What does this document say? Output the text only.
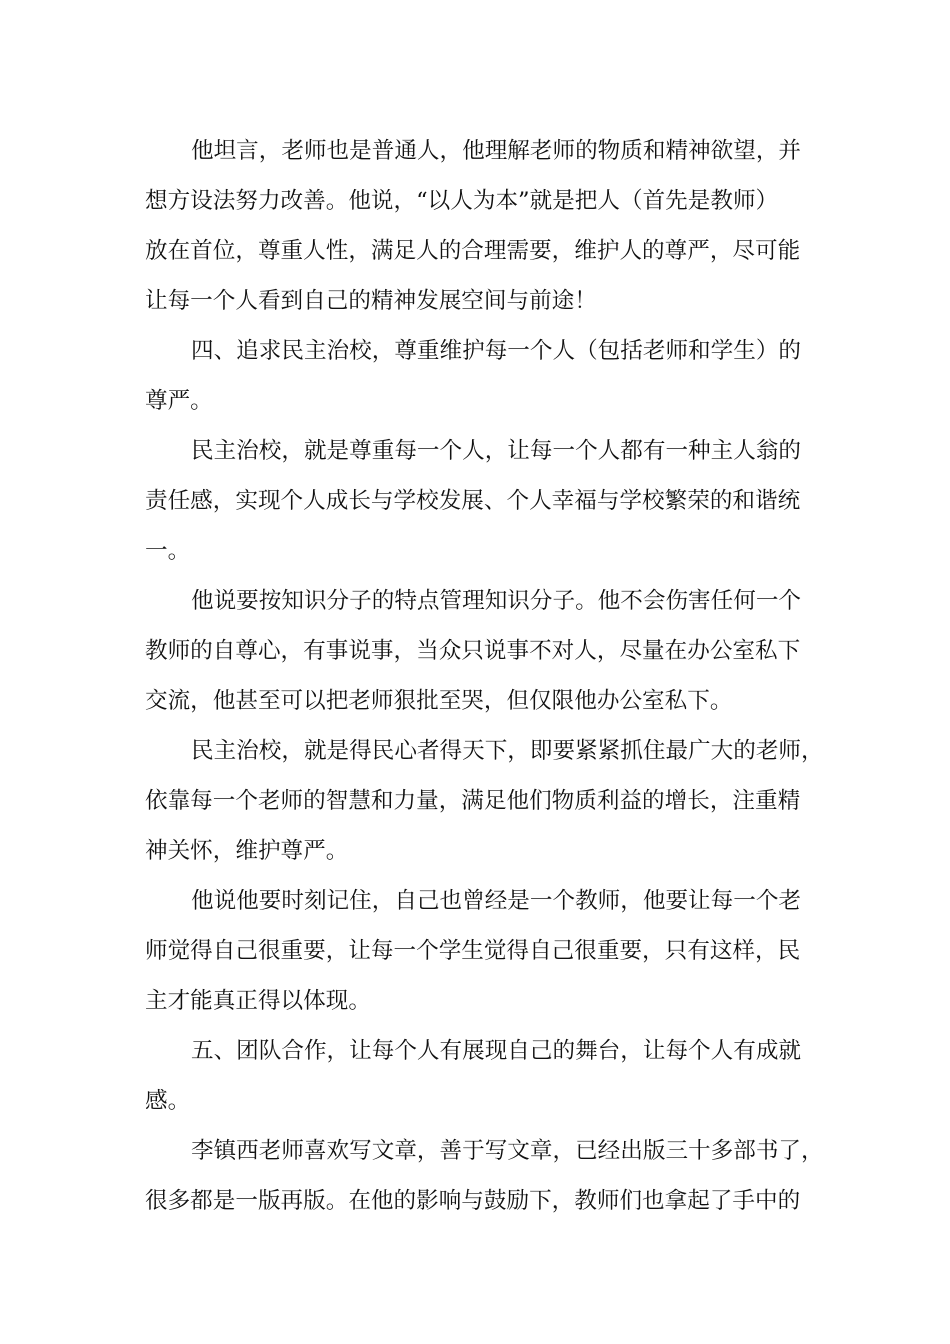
他坦言，老师也是普通人，他理解老师的物质和精神欲望，并
想方设法努力改善。他说，“以人为本”就是把人（首先是教师）
放在首位，尊重人性，满足人的合理需要，维护人的尊严，尽可能
让每一个人看到自己的精神发展空间与前途！
四、追求民主治校，尊重维护每一个人（包括老师和学生）的
尊严。
民主治校，就是尊重每一个人，让每一个人都有一种主人翁的
责任感，实现个人成长与学校发展、个人幸福与学校繁荣的和谐统
一。
他说要按知识分子的特点管理知识分子。他不会伤害任何一个
教师的自尊心，有事说事，当众只说事不对人，尽量在办公室私下
交流，他甚至可以把老师狠批至哭，但仅限他办公室私下。
民主治校，就是得民心者得天下，即要紧紧抓住最广大的老师，
依靠每一个老师的智慧和力量，满足他们物质利益的增长，注重精
神关怀，维护尊严。
他说他要时刻记住，自己也曾经是一个教师，他要让每一个老
师觉得自己很重要，让每一个学生觉得自己很重要，只有这样，民
主才能真正得以体现。
五、团队合作，让每个人有展现自己的舞台，让每个人有成就
感。
李镇西老师喜欢写文章，善于写文章，已经出版三十多部书了，
很多都是一版再版。在他的影响与鼓励下，教师们也拿起了手中的
